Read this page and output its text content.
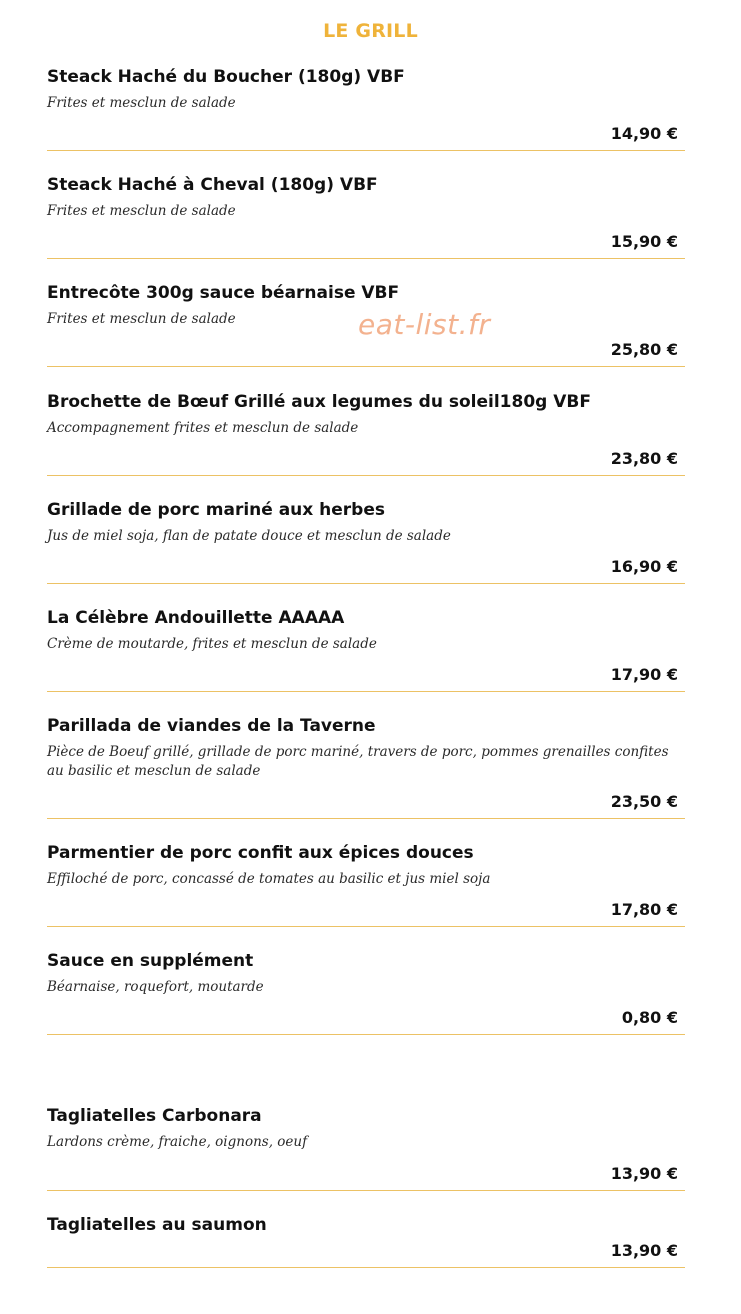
LE GRILL
eat-list.fr
Steack Haché du Boucher (180g) VBF
Frites et mesclun de salade
14,90 €
Steack Haché à Cheval (180g) VBF
Frites et mesclun de salade
15,90 €
Entrecôte 300g sauce béarnaise VBF
Frites et mesclun de salade
25,80 €
Brochette de Bœuf Grillé aux legumes du soleil180g VBF
Accompagnement frites et mesclun de salade
23,80 €
Grillade de porc mariné aux herbes
Jus de miel soja, flan de patate douce et mesclun de salade
16,90 €
La Célèbre Andouillette AAAAA
Crème de moutarde, frites et mesclun de salade
17,90 €
Parillada de viandes de la Taverne
Pièce de Boeuf grillé, grillade de porc mariné, travers de porc, pommes grenailles confites au basilic et mesclun de salade
23,50 €
Parmentier de porc confit aux épices douces
Effiloché de porc, concassé de tomates au basilic et jus miel soja
17,80 €
Sauce en supplément
Béarnaise, roquefort, moutarde
0,80 €
Tagliatelles Carbonara
Lardons crème, fraiche, oignons, oeuf
13,90 €
Tagliatelles au saumon
13,90 €
